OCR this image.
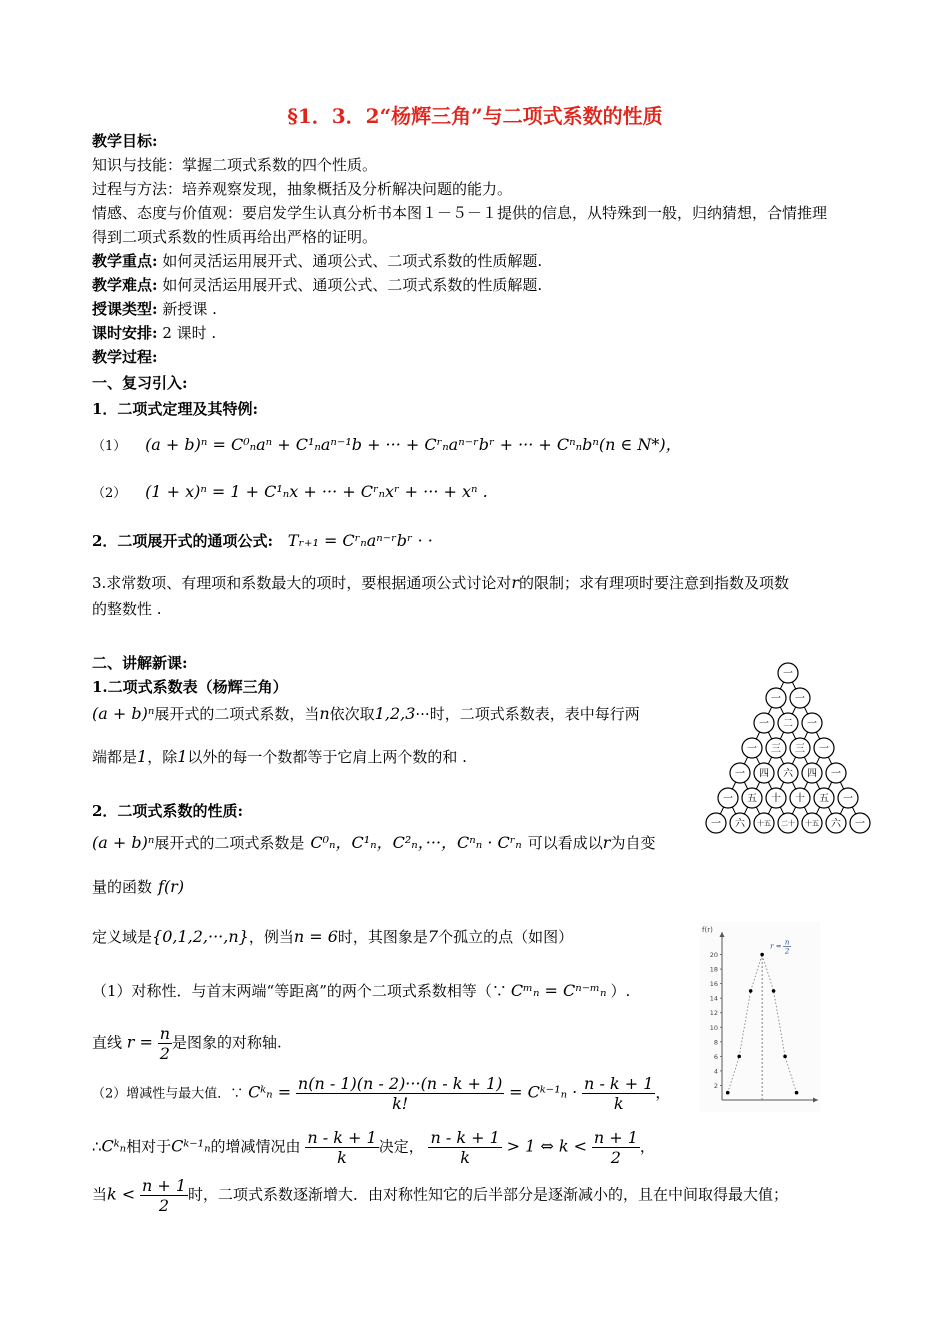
§1．3．2“杨辉三角”与二项式系数的性质
教学目标:
知识与技能：掌握二项式系数的四个性质。
过程与方法：培养观察发现，抽象概括及分析解决问题的能力。
情感、态度与价值观：要启发学生认真分析书本图１－５－１提供的信息，从特殊到一般，归纳猜想，合情推理
得到二项式系数的性质再给出严格的证明。
教学重点: 如何灵活运用展开式、通项公式、二项式系数的性质解题.
教学难点: 如何灵活运用展开式、通项公式、二项式系数的性质解题.
授课类型: 新授课 .
课时安排: 2 课时 .
教学过程:
一、复习引入:
1．二项式定理及其特例:
（1） (a + b)ⁿ = C⁰ₙaⁿ + C¹ₙaⁿ⁻¹b + ··· + Cʳₙaⁿ⁻ʳbʳ + ··· + Cⁿₙbⁿ(n ∈ N*)，
（2） (1 + x)ⁿ = 1 + C¹ₙx + ··· + Cʳₙxʳ + ··· + xⁿ .
2．二项展开式的通项公式: Tᵣ₊₁ = Cʳₙaⁿ⁻ʳbʳ · ·
3.求常数项、有理项和系数最大的项时，要根据通项公式讨论对r的限制；求有理项时要注意到指数及项数
的整数性 .
二、讲解新课:
1.二项式系数表（杨辉三角）
(a + b)ⁿ展开式的二项式系数，当n依次取1,2,3···时，二项式系数表，表中每行两
端都是1，除1以外的每一个数都等于它肩上两个数的和 .
2．二项式系数的性质:
(a + b)ⁿ展开式的二项式系数是 C⁰ₙ，C¹ₙ，C²ₙ，···，Cⁿₙ · Cʳₙ 可以看成以r为自变
量的函数 f(r)
定义域是{0,1,2,···,n}，例当n = 6时，其图象是7个孤立的点（如图）
（1）对称性．与首末两端“等距离”的两个二项式系数相等（∵ Cᵐₙ = Cⁿ⁻ᵐₙ ）.
直线 $r = \frac{n}{2}$ 是图象的对称轴.
（2）增减性与最大值．∵ Cᵏₙ = $\frac{n(n - 1)(n - 2)\cdot\cdot\cdot(n - k + 1)}{k!}$ = Cᵏ⁻¹ₙ · $\frac{n - k + 1}{k}$ ，
∴Cᵏₙ相对于Cᵏ⁻¹ₙ的增减情况由 $\frac{n - k + 1}{k}$ 决定， $\frac{n - k + 1}{k} > 1$ ⇔ $k < \frac{n + 1}{2}$ ，
当$k < \frac{n + 1}{2}$ 时，二项式系数逐渐增大．由对称性知它的后半部分是逐渐减小的，且在中间取得最大值；
一
一 一
一 二 一
一 三 三 一
一 四 六 四 一
一 五 十 十 五 一
一 六 十五 二十 十五 六 一
f(r)
2
4
6
8
10
12
14
16
18
20
r = n
2
